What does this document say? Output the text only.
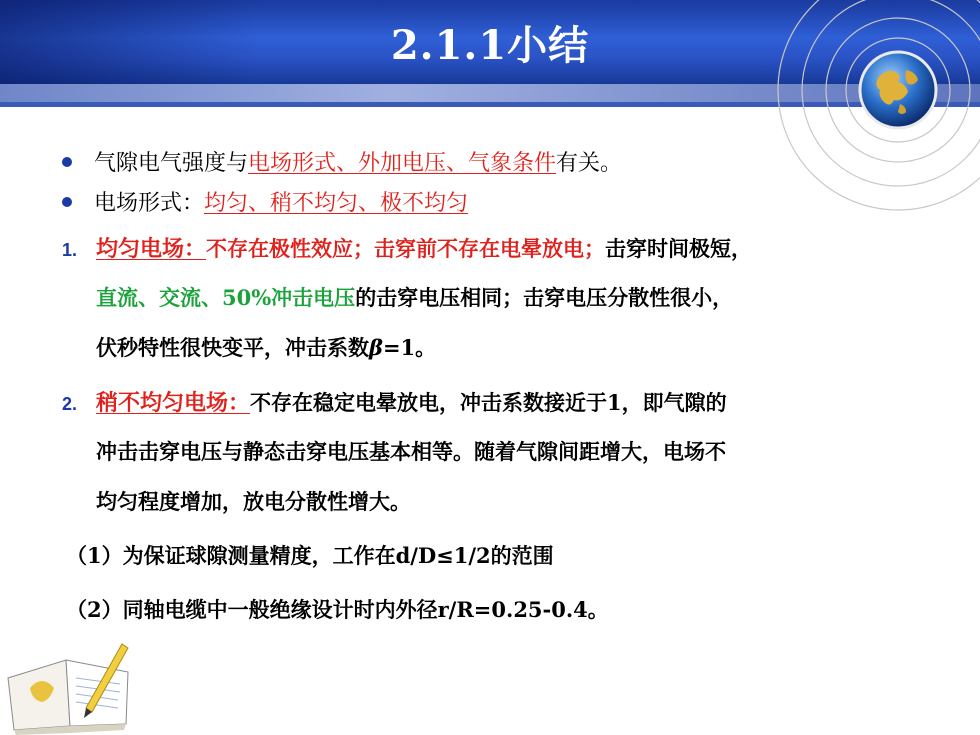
2.1.1小结
气隙电气强度与电场形式、外加电压、气象条件有关。
电场形式：均匀、稍不均匀、极不均匀
1. 均匀电场：不存在极性效应；击穿前不存在电晕放电；击穿时间极短，
直流、交流、50%冲击电压的击穿电压相同；击穿电压分散性很小，
伏秒特性很快变平，冲击系数β=1。
2. 稍不均匀电场：不存在稳定电晕放电，冲击系数接近于1，即气隙的
冲击击穿电压与静态击穿电压基本相等。随着气隙间距增大，电场不
均匀程度增加，放电分散性增大。
（1）为保证球隙测量精度，工作在d/D≤1/2的范围
（2）同轴电缆中一般绝缘设计时内外径r/R=0.25-0.4。
